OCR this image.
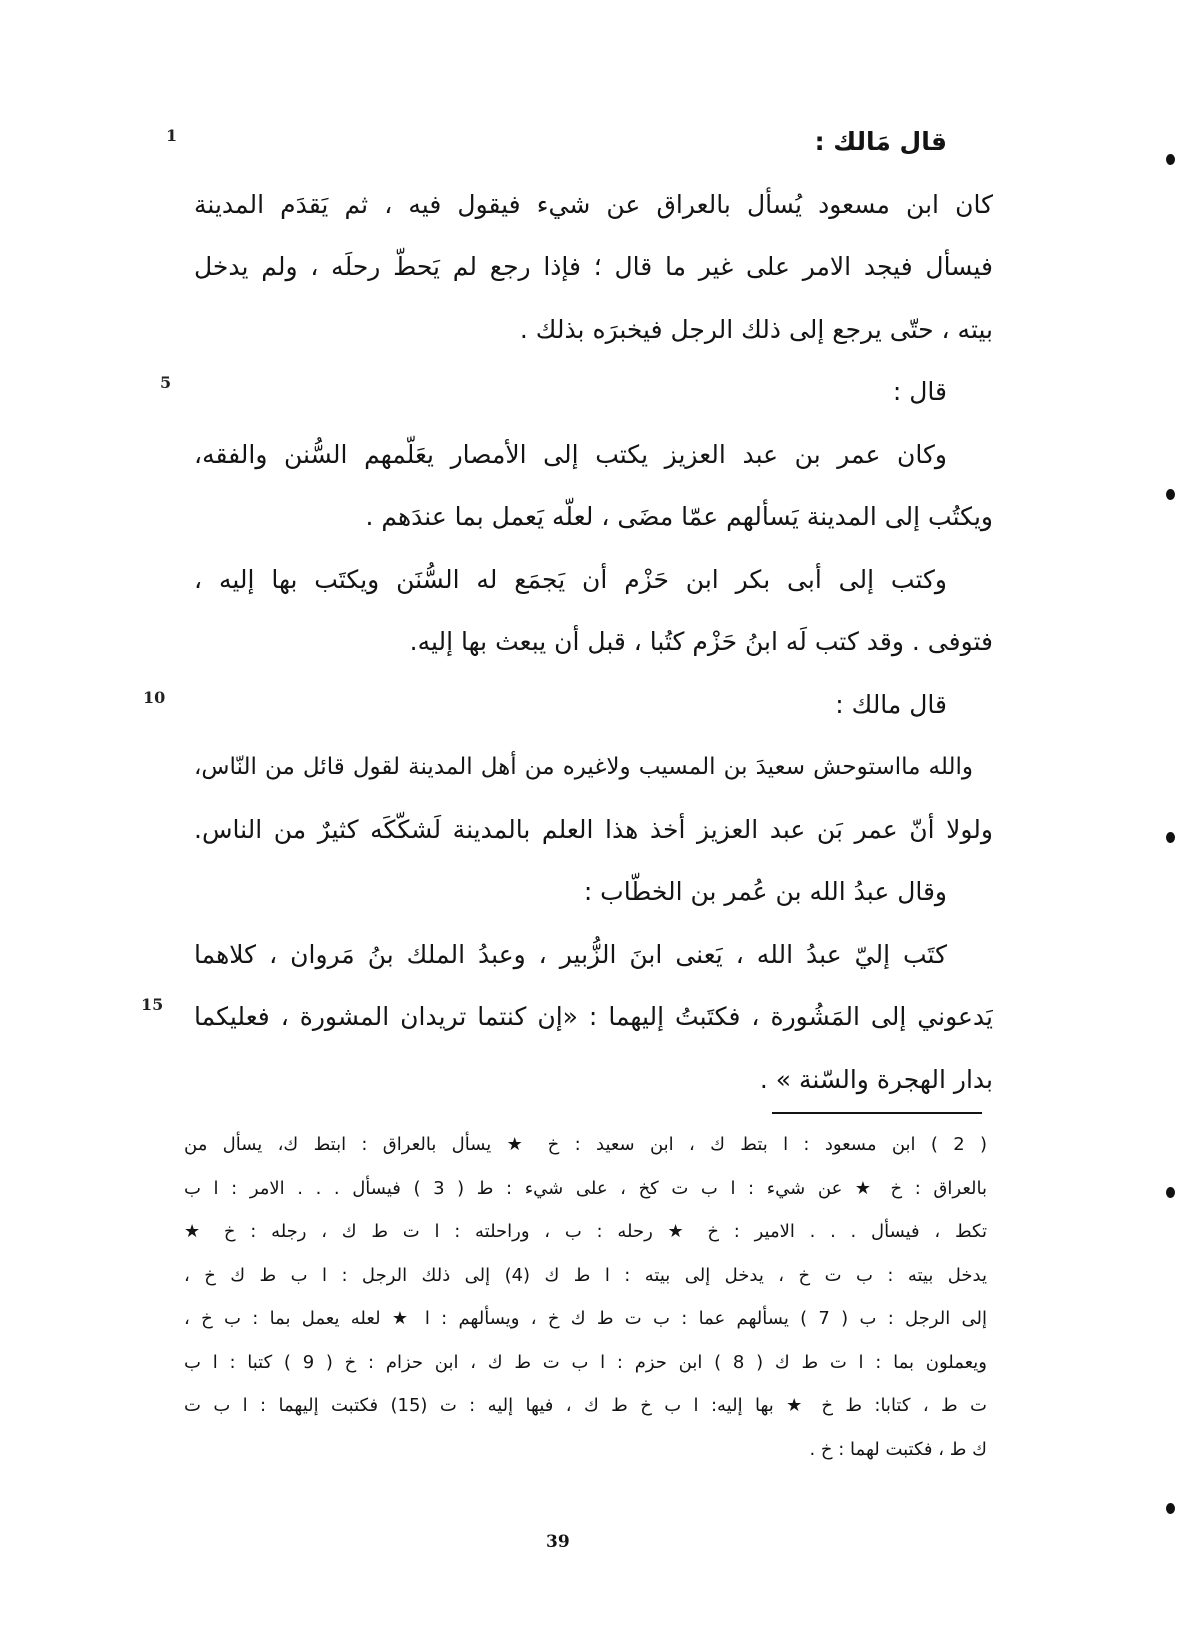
1
5
10
15
قال مَالك :
كان ابن مسعود يُسأل بالعراق عن شيء فيقول فيه ، ثم يَقدَم المدينة
فيسأل فيجد الامر على غير ما قال ؛ فإذا رجع لم يَحطّ رحلَه ، ولم يدخل
بيته ، حتّى يرجع إلى ذلك الرجل فيخبرَه بذلك .
قال :
وكان عمر بن عبد العزيز يكتب إلى الأمصار يعَلّمهم السُّنن والفقه،
ويكتُب إلى المدينة يَسألهم عمّا مضَى ، لعلّه يَعمل بما عندَهم .
وكتب إلى أبى بكر ابن حَزْم أن يَجمَع له السُّنَن ويكتَب بها إليه ،
فتوفى . وقد كتب لَه ابنُ حَزْم كتُبا ، قبل أن يبعث بها إليه.
قال مالك :
والله مااستوحش سعيدَ بن المسيب ولاغيره من أهل المدينة لقول قائل من النّاس،
ولولا أنّ عمر بَن عبد العزيز أخذ هذا العلم بالمدينة لَشكّكَه كثيرٌ من الناس.
وقال عبدُ الله بن عُمر بن الخطّاب :
كتَب إليّ عبدُ الله ، يَعنى ابنَ الزُّبير ، وعبدُ الملك بنُ مَروان ، كلاهما
يَدعوني إلى المَشُورة ، فكتَبتُ إليهما : «إن كنتما تريدان المشورة ، فعليكما
بدار الهجرة والسّنة » .
( 2 ) ابن مسعود : ا بتط ك ، ابن سعيد : خ ★ يسأل بالعراق : ابتط ك، يسأل من
بالعراق : خ ★ عن شيء : ا ب ت كخ ، على شيء : ط ( 3 ) فيسأل . . . الامر : ا ب
تكط ، فيسأل . . . الامير : خ ★ رحله : ب ، وراحلته : ا ت ط ك ، رجله : خ ★
يدخل بيته : ب ت خ ، يدخل إلى بيته : ا ط ك (4) إلى ذلك الرجل : ا ب ط ك خ ،
إلى الرجل : ب ( 7 ) يسألهم عما : ب ت ط ك خ ، ويسألهم : ا ★ لعله يعمل بما : ب خ ،
ويعملون بما : ا ت ط ك ( 8 ) ابن حزم : ا ب ت ط ك ، ابن حزام : خ ( 9 ) كتبا : ا ب
ت ط ، كتابا: ط خ ★ بها إليه: ا ب خ ط ك ، فيها إليه : ت (15) فكتبت إليهما : ا ب ت
ك ط ، فكتبت لهما : خ .
39
